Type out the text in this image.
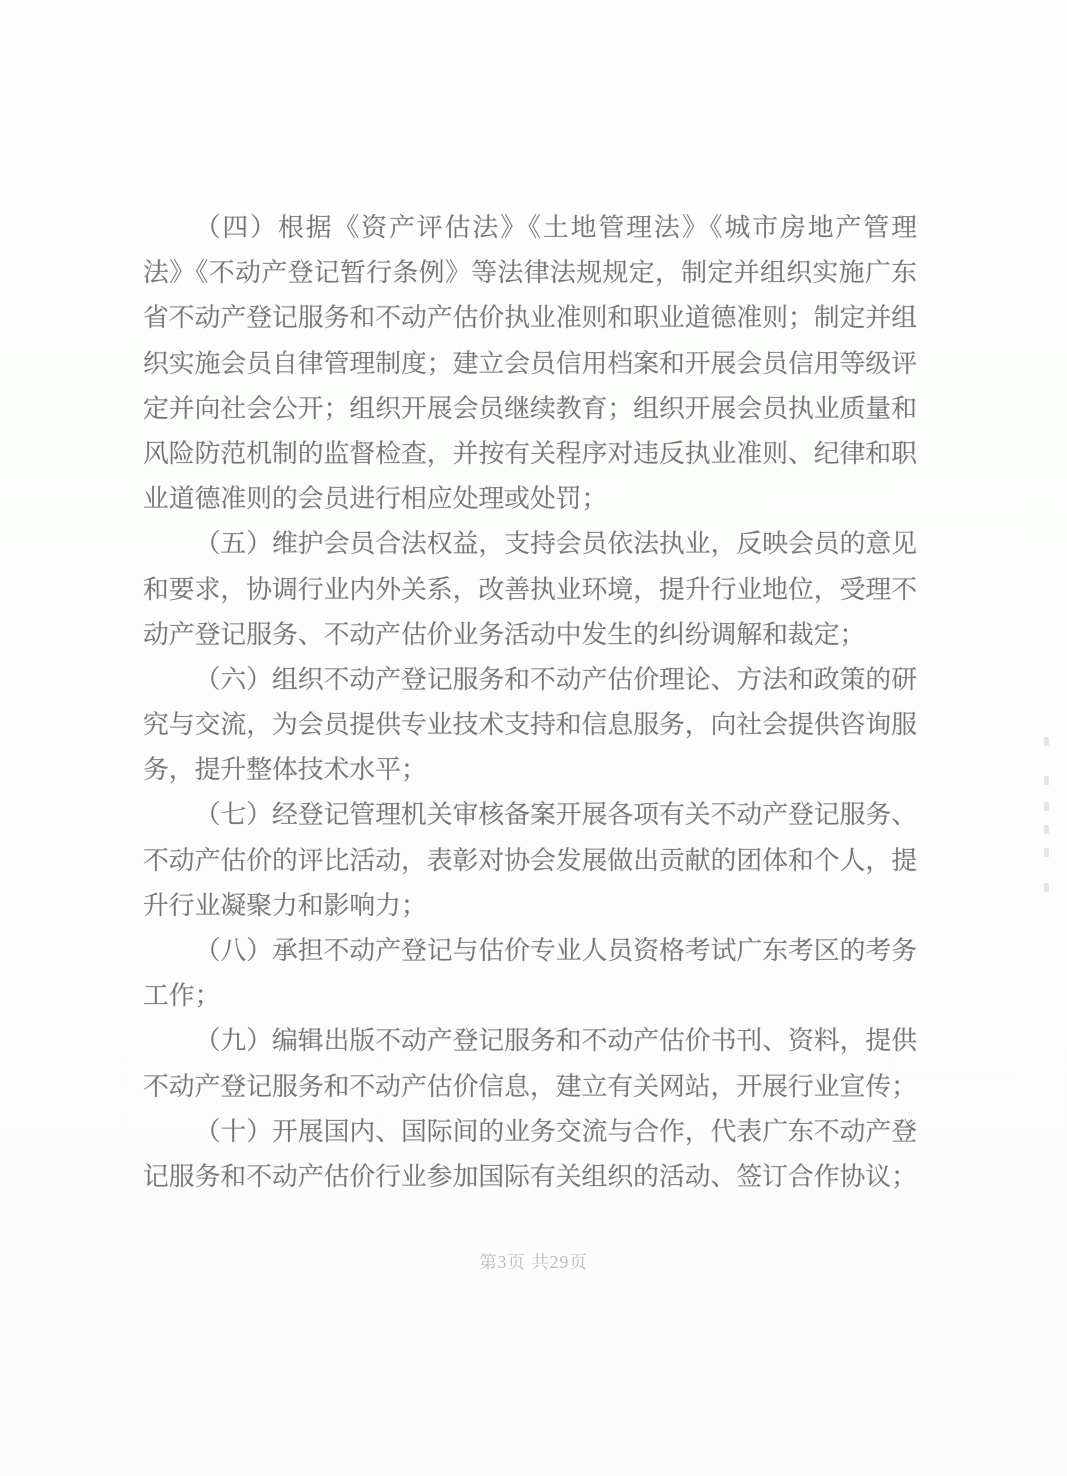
（四）根据《资产评估法》《土地管理法》《城市房地产管理
法》《不动产登记暂行条例》等法律法规规定，制定并组织实施广东
省不动产登记服务和不动产估价执业准则和职业道德准则；制定并组
织实施会员自律管理制度；建立会员信用档案和开展会员信用等级评
定并向社会公开；组织开展会员继续教育；组织开展会员执业质量和
风险防范机制的监督检查，并按有关程序对违反执业准则、纪律和职
业道德准则的会员进行相应处理或处罚；
（五）维护会员合法权益，支持会员依法执业，反映会员的意见
和要求，协调行业内外关系，改善执业环境，提升行业地位，受理不
动产登记服务、不动产估价业务活动中发生的纠纷调解和裁定；
（六）组织不动产登记服务和不动产估价理论、方法和政策的研
究与交流，为会员提供专业技术支持和信息服务，向社会提供咨询服
务，提升整体技术水平；
（七）经登记管理机关审核备案开展各项有关不动产登记服务、
不动产估价的评比活动，表彰对协会发展做出贡献的团体和个人，提
升行业凝聚力和影响力；
（八）承担不动产登记与估价专业人员资格考试广东考区的考务
工作；
（九）编辑出版不动产登记服务和不动产估价书刊、资料，提供
不动产登记服务和不动产估价信息，建立有关网站，开展行业宣传；
（十）开展国内、国际间的业务交流与合作，代表广东不动产登
记服务和不动产估价行业参加国际有关组织的活动、签订合作协议；
第3页 共29页
